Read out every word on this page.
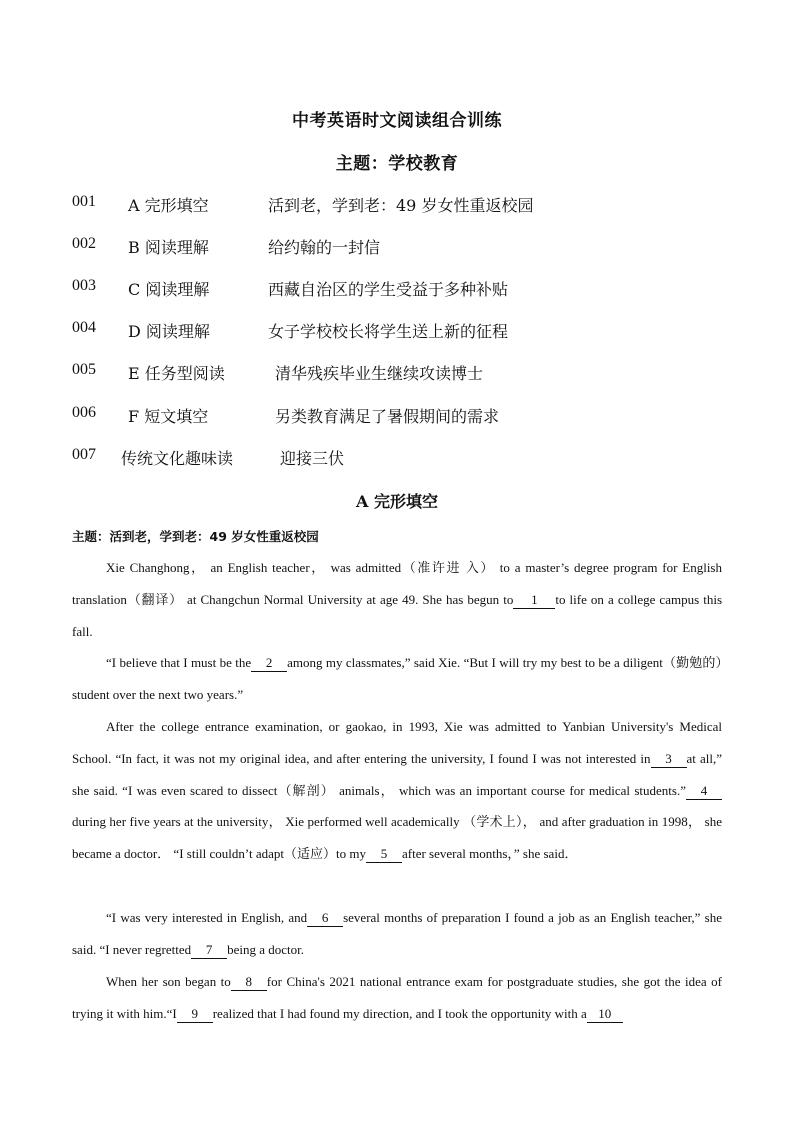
中考英语时文阅读组合训练
主题：学校教育
001 A 完形填空	活到老，学到老：49 岁女性重返校园
002 B 阅读理解	给约翰的一封信
003 C 阅读理解	西藏自治区的学生受益于多种补贴
004 D 阅读理解	女子学校校长将学生送上新的征程
005 E 任务型阅读	清华残疾毕业生继续攻读博士
006 F 短文填空	另类教育满足了暑假期间的需求
007 传统文化趣味读	迎接三伏
A 完形填空
主题：活到老，学到老：49 岁女性重返校园

Xie Changhong， an English teacher， was admitted（准许进 入） to a master’s degree program for English translation（翻译） at Changchun Normal University at age 49. She has begun to 1 to life on a college campus this fall.

“I believe that I must be the 2 among my classmates,” said Xie. “But I will try my best to be a diligent（勤勉的）student over the next two years.”

After the college entrance examination, or gaokao, in 1993, Xie was admitted to Yanbian University's Medical School. “In fact, it was not my original idea, and after entering the university, I found I was not interested in 3 at all,” she said. “I was even scared to dissect（解剖） animals， which was an important course for medical students.” 4during her five years at the university， Xie performed well academically （学术上）， and after graduation in 1998， she became a doctor． “I still couldn’t adapt（适应）to my 5 after several months，” she said．

“I was very interested in English, and 6 several months of preparation I found a job as an English teacher,” she said. “I never regretted 7 being a doctor.

When her son began to 8 for China's 2021 national entrance exam for postgraduate studies, she got the idea of trying it with him.“I 9 realized that I had found my direction, and I took the opportunity with a 10
